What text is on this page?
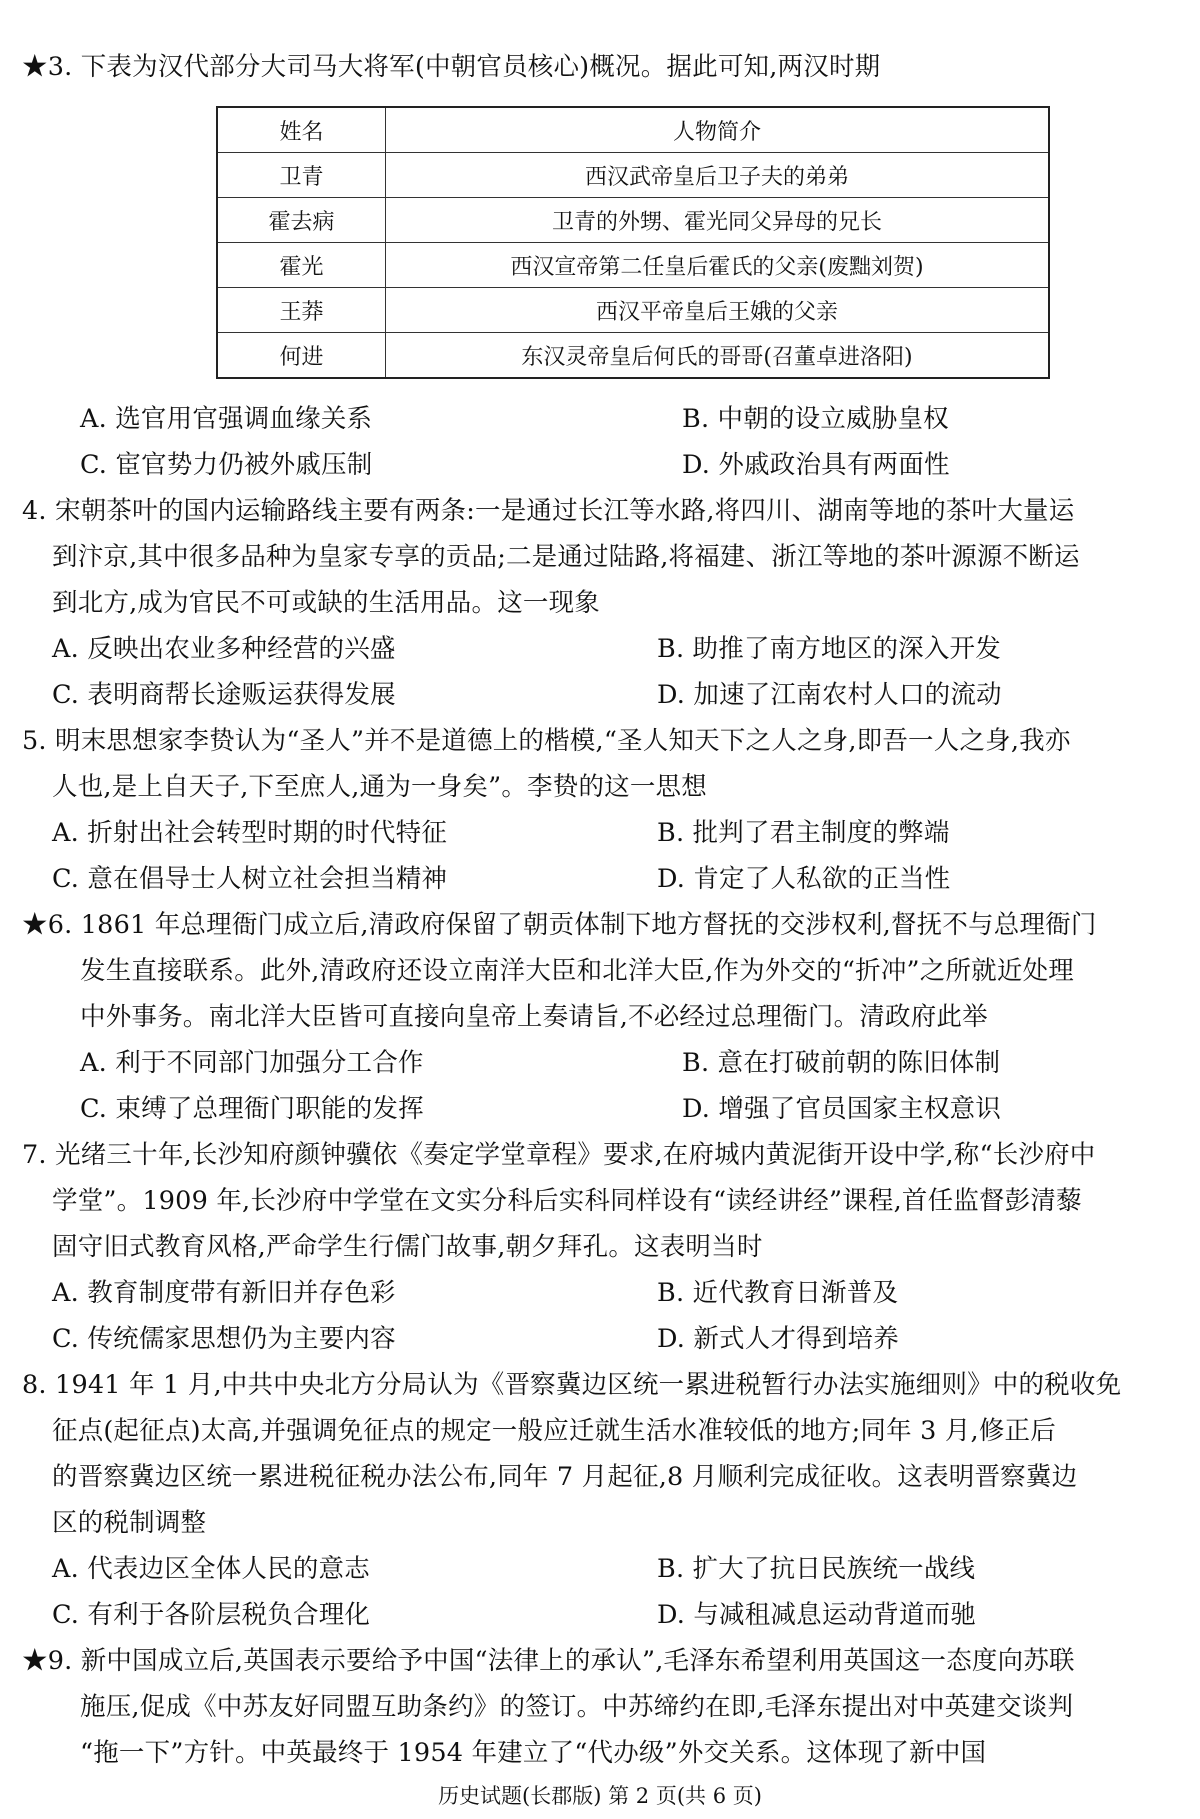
★3. 下表为汉代部分大司马大将军(中朝官员核心)概况。据此可知,两汉时期
姓名	人物简介
卫青	西汉武帝皇后卫子夫的弟弟
霍去病	卫青的外甥、霍光同父异母的兄长
霍光	西汉宣帝第二任皇后霍氏的父亲(废黜刘贺)
王莽	西汉平帝皇后王娥的父亲
何进	东汉灵帝皇后何氏的哥哥(召董卓进洛阳)
A. 选官用官强调血缘关系	B. 中朝的设立威胁皇权
C. 宦官势力仍被外戚压制	D. 外戚政治具有两面性
4. 宋朝茶叶的国内运输路线主要有两条:一是通过长江等水路,将四川、湖南等地的茶叶大量运
到汴京,其中很多品种为皇家专享的贡品;二是通过陆路,将福建、浙江等地的茶叶源源不断运
到北方,成为官民不可或缺的生活用品。这一现象
A. 反映出农业多种经营的兴盛	B. 助推了南方地区的深入开发
C. 表明商帮长途贩运获得发展	D. 加速了江南农村人口的流动
5. 明末思想家李贽认为“圣人”并不是道德上的楷模,“圣人知天下之人之身,即吾一人之身,我亦
人也,是上自天子,下至庶人,通为一身矣”。李贽的这一思想
A. 折射出社会转型时期的时代特征	B. 批判了君主制度的弊端
C. 意在倡导士人树立社会担当精神	D. 肯定了人私欲的正当性
★6. 1861 年总理衙门成立后,清政府保留了朝贡体制下地方督抚的交涉权利,督抚不与总理衙门
发生直接联系。此外,清政府还设立南洋大臣和北洋大臣,作为外交的“折冲”之所就近处理
中外事务。南北洋大臣皆可直接向皇帝上奏请旨,不必经过总理衙门。清政府此举
A. 利于不同部门加强分工合作	B. 意在打破前朝的陈旧体制
C. 束缚了总理衙门职能的发挥	D. 增强了官员国家主权意识
7. 光绪三十年,长沙知府颜钟骥依《奏定学堂章程》要求,在府城内黄泥街开设中学,称“长沙府中
学堂”。1909 年,长沙府中学堂在文实分科后实科同样设有“读经讲经”课程,首任监督彭清藜
固守旧式教育风格,严命学生行儒门故事,朝夕拜孔。这表明当时
A. 教育制度带有新旧并存色彩	B. 近代教育日渐普及
C. 传统儒家思想仍为主要内容	D. 新式人才得到培养
8. 1941 年 1 月,中共中央北方分局认为《晋察冀边区统一累进税暂行办法实施细则》中的税收免
征点(起征点)太高,并强调免征点的规定一般应迁就生活水准较低的地方;同年 3 月,修正后
的晋察冀边区统一累进税征税办法公布,同年 7 月起征,8 月顺利完成征收。这表明晋察冀边
区的税制调整
A. 代表边区全体人民的意志	B. 扩大了抗日民族统一战线
C. 有利于各阶层税负合理化	D. 与减租减息运动背道而驰
★9. 新中国成立后,英国表示要给予中国“法律上的承认”,毛泽东希望利用英国这一态度向苏联
施压,促成《中苏友好同盟互助条约》的签订。中苏缔约在即,毛泽东提出对中英建交谈判
“拖一下”方针。中英最终于 1954 年建立了“代办级”外交关系。这体现了新中国
历史试题(长郡版) 第 2 页(共 6 页)
